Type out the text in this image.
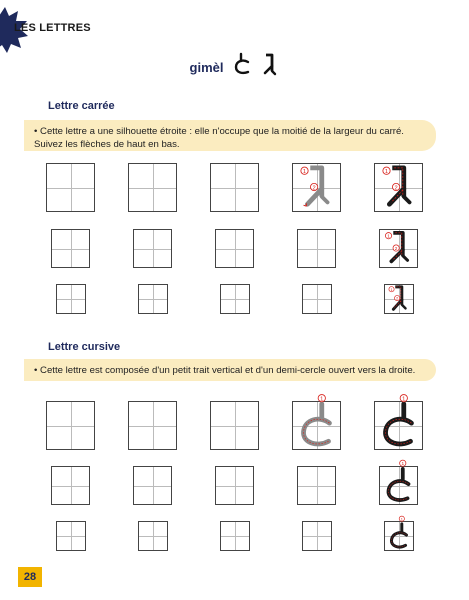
LES LETTRES
gimèl
Lettre carrée
• Cette lettre a une silhouette étroite : elle n'occupe que la moitié de la largeur du carré. Suivez les flèches de haut en bas.
1
2
1
2
1
2
1
2
Lettre cursive
• Cette lettre est composée d'un petit trait vertical et d'un demi-cercle ouvert vers la droite.
1	1
1
1
28
